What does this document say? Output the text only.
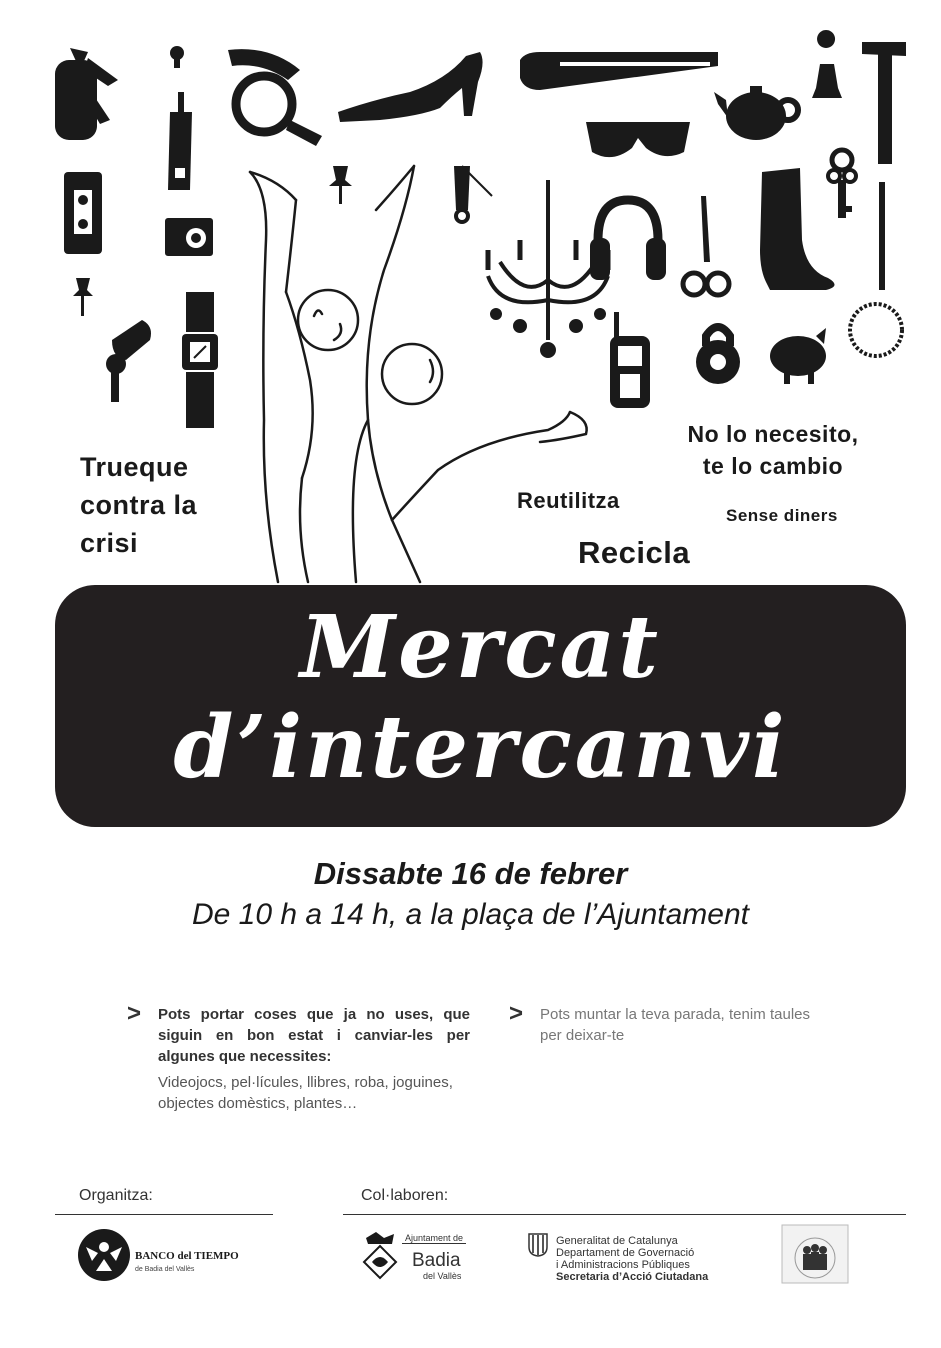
Trueque
contra la
crisi
No lo necesito,
te lo cambio
Reutilitza
Sense diners
Recicla
Mercat
d’intercanvi
Dissabte 16 de febrer
De 10 h a 14 h, a la plaça de l’Ajuntament
> Pots portar coses que ja no uses, que siguin en bon estat i canviar-les per algunes que necessites:
Videojocs, pel·lícules, llibres, roba, joguines, objectes domèstics, plantes…
> Pots muntar la teva parada, tenim taules per deixar-te
Organitza:	Col·laboren:
BANCO del TIEMPO
de Badia del Vallès
Ajuntament de
Badia
del Vallès
Generalitat de Catalunya
Departament de Governació
i Administracions Públiques
Secretaria d’Acció Ciutadana
